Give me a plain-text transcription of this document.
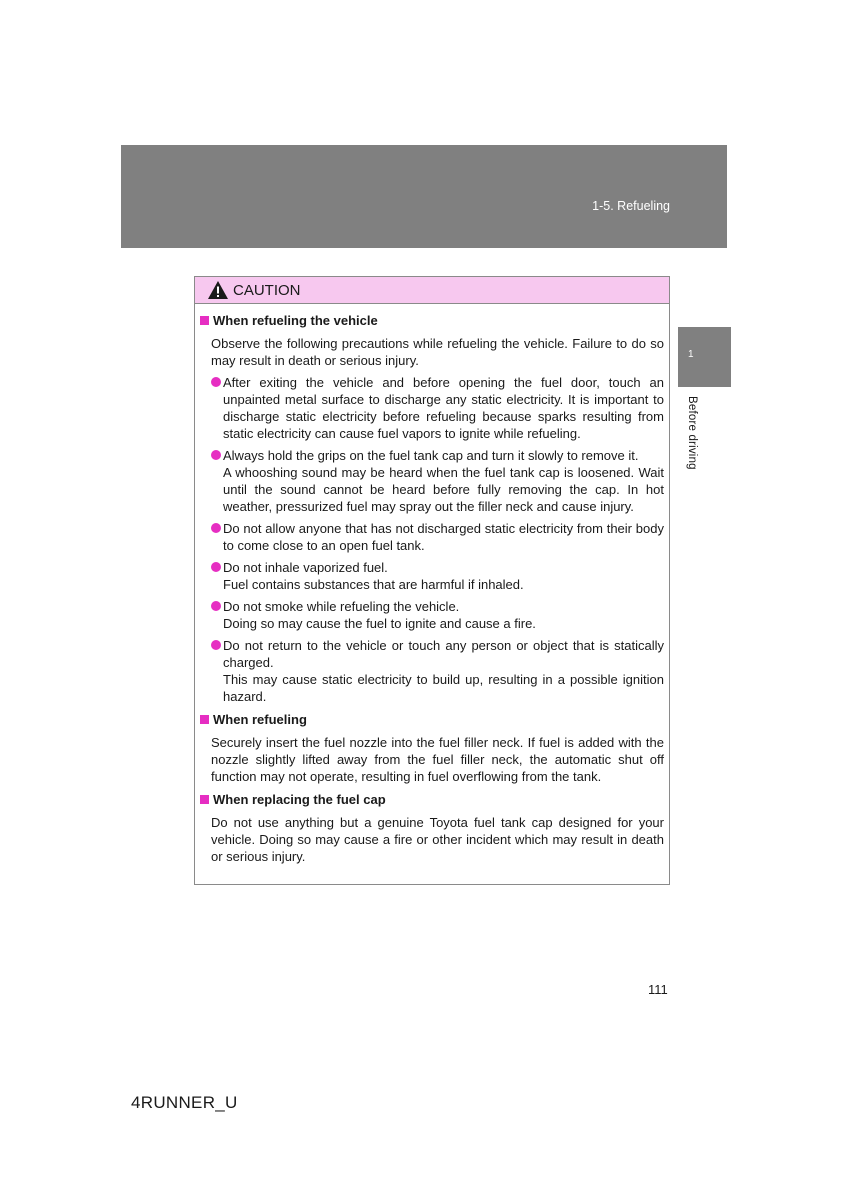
1-5. Refueling
1
Before driving
CAUTION
When refueling the vehicle
Observe the following precautions while refueling the vehicle. Failure to do so may result in death or serious injury.
After exiting the vehicle and before opening the fuel door, touch an unpainted metal surface to discharge any static electricity. It is important to discharge static electricity before refueling because sparks resulting from static electricity can cause fuel vapors to ignite while refueling.
Always hold the grips on the fuel tank cap and turn it slowly to remove it.
A whooshing sound may be heard when the fuel tank cap is loosened. Wait until the sound cannot be heard before fully removing the cap. In hot weather, pressurized fuel may spray out the filler neck and cause injury.
Do not allow anyone that has not discharged static electricity from their body to come close to an open fuel tank.
Do not inhale vaporized fuel.
Fuel contains substances that are harmful if inhaled.
Do not smoke while refueling the vehicle.
Doing so may cause the fuel to ignite and cause a fire.
Do not return to the vehicle or touch any person or object that is statically charged.
This may cause static electricity to build up, resulting in a possible ignition hazard.
When refueling
Securely insert the fuel nozzle into the fuel filler neck. If fuel is added with the nozzle slightly lifted away from the fuel filler neck, the automatic shut off function may not operate, resulting in fuel overflowing from the tank.
When replacing the fuel cap
Do not use anything but a genuine Toyota fuel tank cap designed for your vehicle. Doing so may cause a fire or other incident which may result in death or serious injury.
111
4RUNNER_U
